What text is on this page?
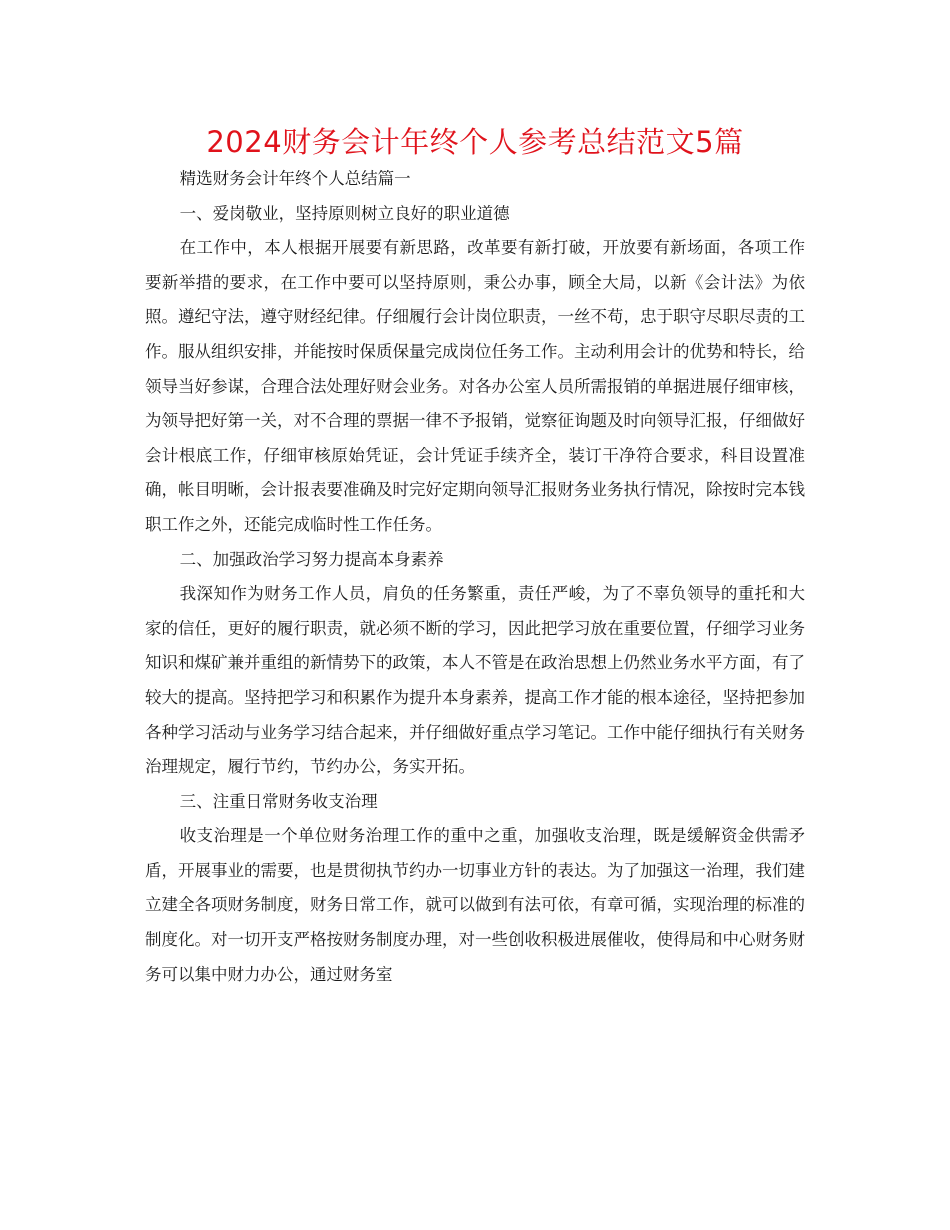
2024财务会计年终个人参考总结范文5篇

精选财务会计年终个人总结篇一

一、爱岗敬业，坚持原则树立良好的职业道德

在工作中，本人根据开展要有新思路，改革要有新打破，开放要有新场面，各项工作要新举措的要求，在工作中要可以坚持原则，秉公办事，顾全大局，以新《会计法》为依照。遵纪守法，遵守财经纪律。仔细履行会计岗位职责，一丝不苟，忠于职守尽职尽责的工作。服从组织安排，并能按时保质保量完成岗位任务工作。主动利用会计的优势和特长，给领导当好参谋，合理合法处理好财会业务。对各办公室人员所需报销的单据进展仔细审核，为领导把好第一关，对不合理的票据一律不予报销，觉察征询题及时向领导汇报，仔细做好会计根底工作，仔细审核原始凭证，会计凭证手续齐全，装订干净符合要求，科目设置准确，帐目明晰，会计报表要准确及时完好定期向领导汇报财务业务执行情况，除按时完本钱职工作之外，还能完成临时性工作任务。

二、加强政治学习努力提高本身素养

我深知作为财务工作人员，肩负的任务繁重，责任严峻，为了不辜负领导的重托和大家的信任，更好的履行职责，就必须不断的学习，因此把学习放在重要位置，仔细学习业务知识和煤矿兼并重组的新情势下的政策，本人不管是在政治思想上仍然业务水平方面，有了较大的提高。坚持把学习和积累作为提升本身素养，提高工作才能的根本途径，坚持把参加各种学习活动与业务学习结合起来，并仔细做好重点学习笔记。工作中能仔细执行有关财务治理规定，履行节约，节约办公，务实开拓。

三、注重日常财务收支治理

收支治理是一个单位财务治理工作的重中之重，加强收支治理，既是缓解资金供需矛盾，开展事业的需要，也是贯彻执节约办一切事业方针的表达。为了加强这一治理，我们建立建全各项财务制度，财务日常工作，就可以做到有法可依，有章可循，实现治理的标准的制度化。对一切开支严格按财务制度办理，对一些创收积极进展催收，使得局和中心财务财务可以集中财力办公，通过财务室
